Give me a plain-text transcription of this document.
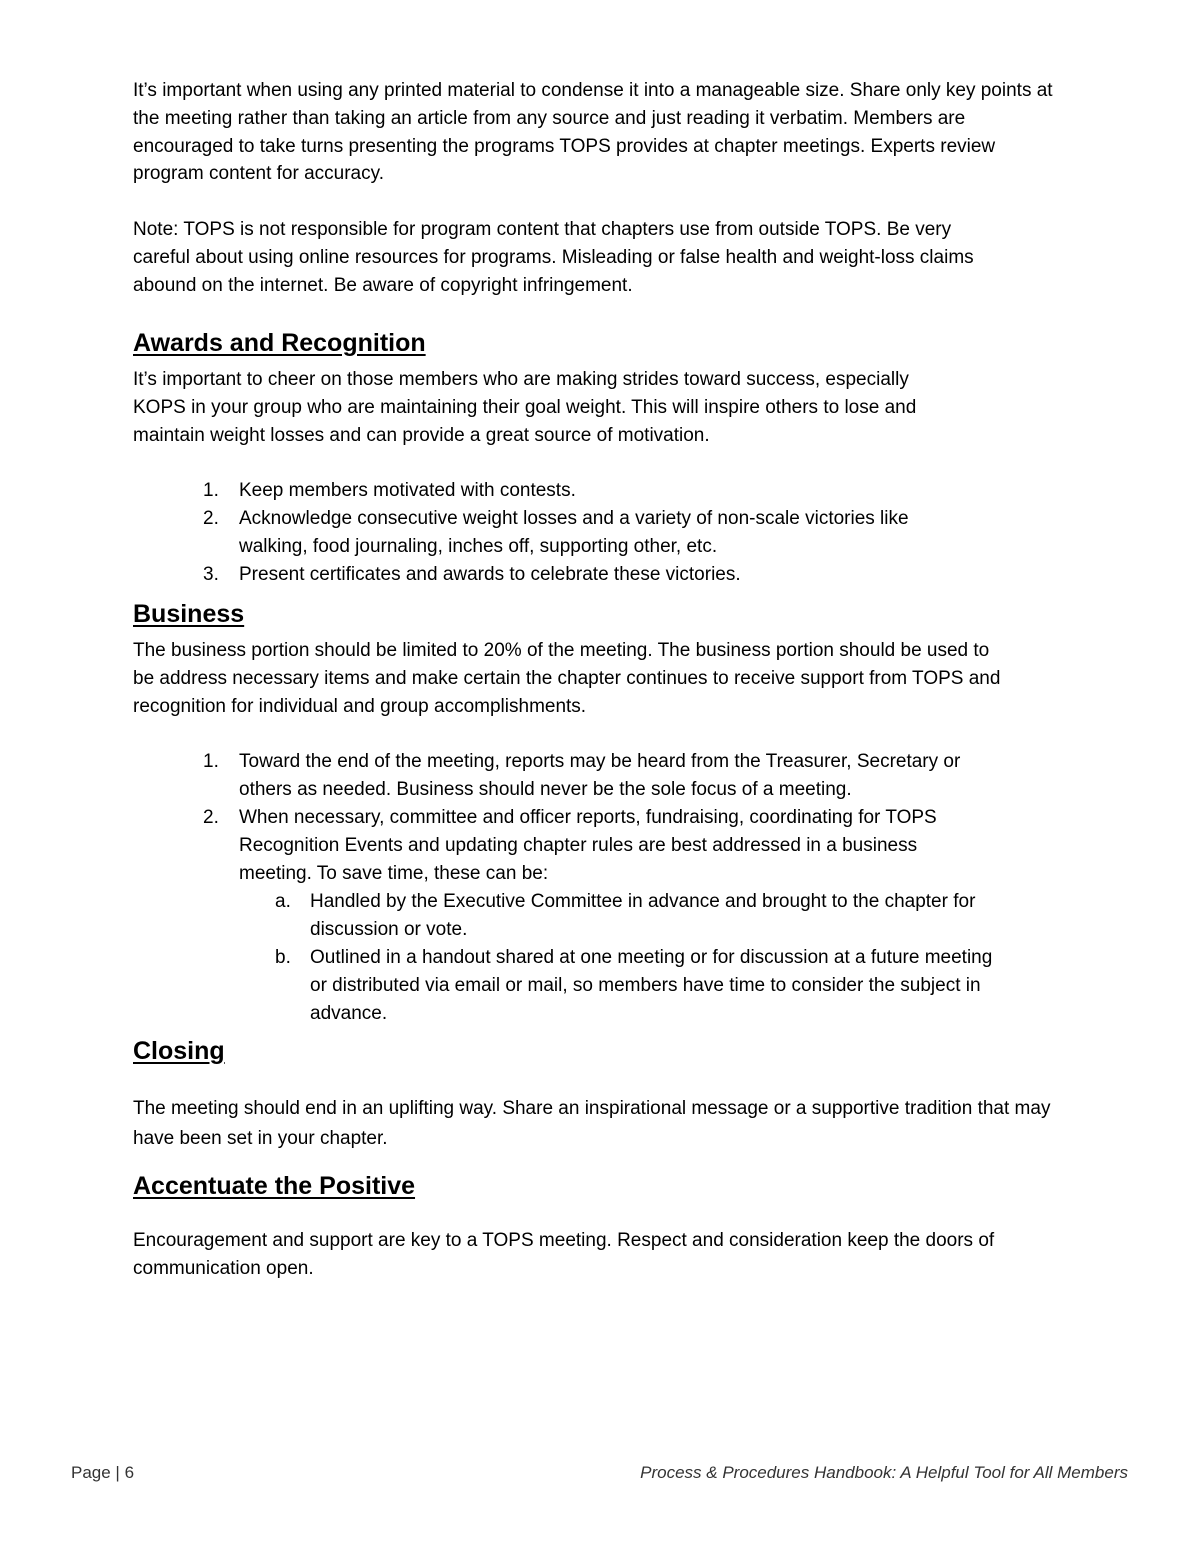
It’s important when using any printed material to condense it into a manageable size. Share only key points at the meeting rather than taking an article from any source and just reading it verbatim. Members are encouraged to take turns presenting the programs TOPS provides at chapter meetings. Experts review program content for accuracy.

Note: TOPS is not responsible for program content that chapters use from outside TOPS. Be very careful about using online resources for programs. Misleading or false health and weight-loss claims abound on the internet. Be aware of copyright infringement.

Awards and Recognition

It’s important to cheer on those members who are making strides toward success, especially KOPS in your group who are maintaining their goal weight. This will inspire others to lose and maintain weight losses and can provide a great source of motivation.

1.	Keep members motivated with contests.
2.	Acknowledge consecutive weight losses and a variety of non-scale victories like walking, food journaling, inches off, supporting other, etc.
3.	Present certificates and awards to celebrate these victories.
Business

The business portion should be limited to 20% of the meeting. The business portion should be used to be address necessary items and make certain the chapter continues to receive support from TOPS and recognition for individual and group accomplishments.

1.	Toward the end of the meeting, reports may be heard from the Treasurer, Secretary or others as needed. Business should never be the sole focus of a meeting.
2.	When necessary, committee and officer reports, fundraising, coordinating for TOPS Recognition Events and updating chapter rules are best addressed in a business meeting. To save time, these can be:
a.	Handled by the Executive Committee in advance and brought to the chapter for discussion or vote.
b.	Outlined in a handout shared at one meeting or for discussion at a future meeting or distributed via email or mail, so members have time to consider the subject in advance.
Closing

The meeting should end in an uplifting way. Share an inspirational message or a supportive tradition that may have been set in your chapter.

Accentuate the Positive

Encouragement and support are key to a TOPS meeting. Respect and consideration keep the doors of communication open.

Page | 6	Process & Procedures Handbook: A Helpful Tool for All Members
